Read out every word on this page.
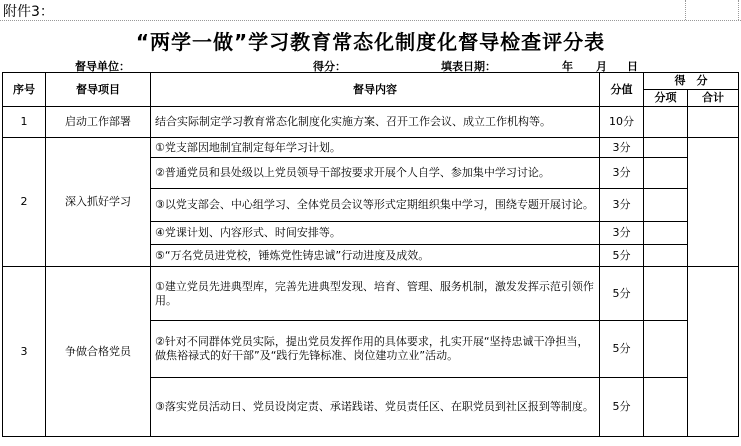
附件3：
“两学一做”学习教育常态化制度化督导检查评分表
督导单位：	得分：	填表日期：	年 月 日
序号	督导项目	督导内容	分值	得　分	
				分项	合计
1	启动工作部署	结合实际制定学习教育常态化制度化实施方案、召开工作会议、成立工作机构等。	10分		
2	深入抓好学习	①党支部因地制宜制定每年学习计划。	3分		
		②普通党员和县处级以上党员领导干部按要求开展个人自学、参加集中学习讨论。	3分		
		③以党支部会、中心组学习、全体党员会议等形式定期组织集中学习，围绕专题开展讨论。	3分		
		④党课计划、内容形式、时间安排等。	3分		
		⑤“万名党员进党校，锤炼党性铸忠诚”行动进度及成效。	5分		
3	争做合格党员	①建立党员先进典型库，完善先进典型发现、培育、管理、服务机制，激发发挥示范引领作用。	5分		
		②针对不同群体党员实际，提出党员发挥作用的具体要求，扎实开展“坚持忠诚干净担当，做焦裕禄式的好干部”及“践行先锋标准、岗位建功立业”活动。	5分		
		③落实党员活动日、党员设岗定责、承诺践诺、党员责任区、在职党员到社区报到等制度。	5分		
